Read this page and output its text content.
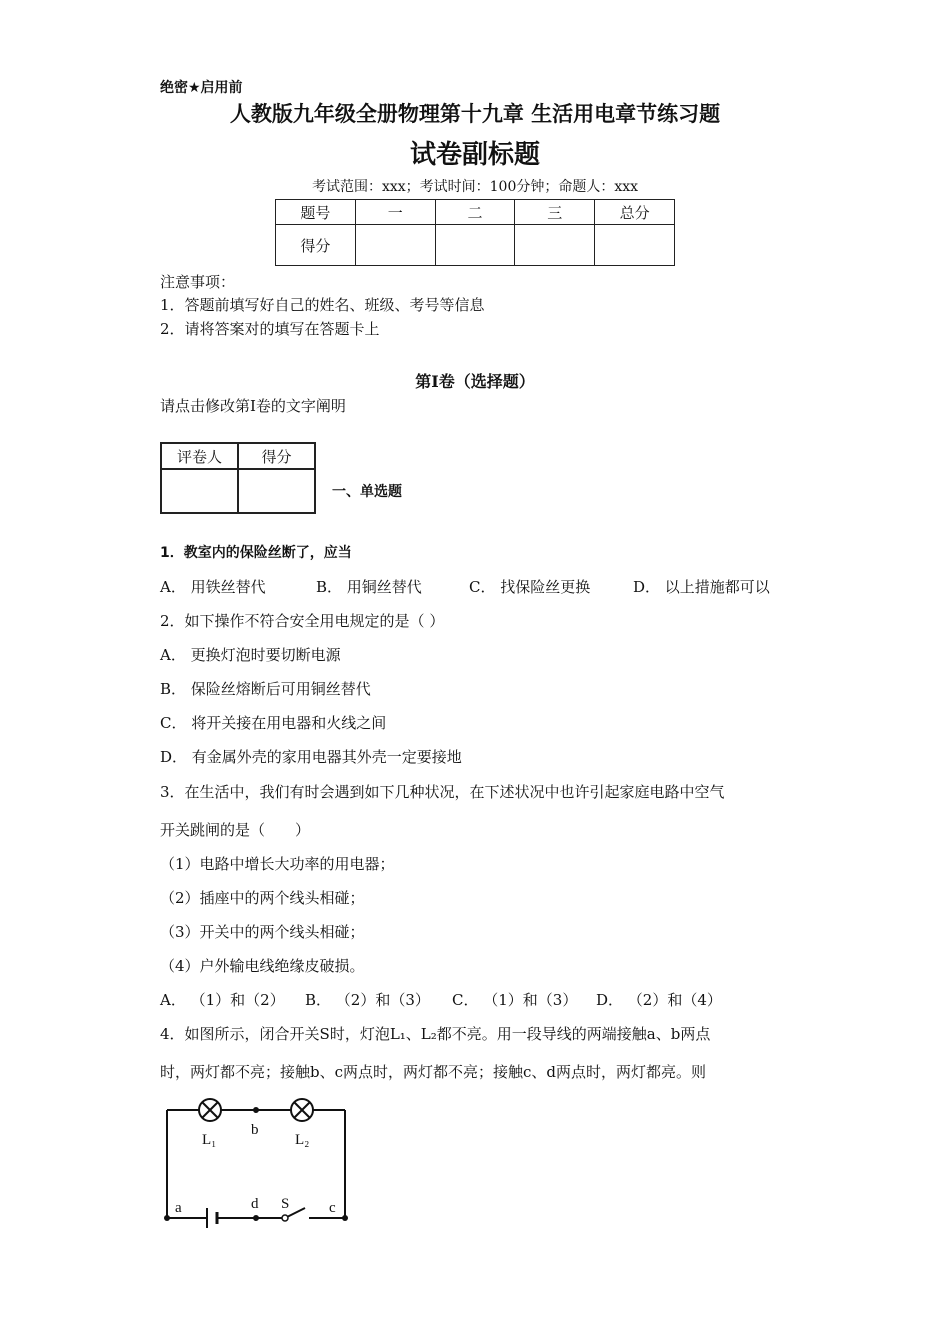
绝密★启用前
人教版九年级全册物理第十九章 生活用电章节练习题
试卷副标题
考试范围：xxx；考试时间：100分钟；命题人：xxx
题号	一	二	三	总分
得分				
注意事项：
1．答题前填写好自己的姓名、班级、考号等信息
2．请将答案对的填写在答题卡上
第Ⅰ卷（选择题）
请点击修改第Ⅰ卷的文字阐明
评卷人	得分

一、单选题
1．教室内的保险丝断了，应当
A． 用铁丝替代	B． 用铜丝替代	C． 找保险丝更换	D． 以上措施都可以
2．如下操作不符合安全用电规定的是（ ）
A． 更换灯泡时要切断电源
B． 保险丝熔断后可用铜丝替代
C． 将开关接在用电器和火线之间
D． 有金属外壳的家用电器其外壳一定要接地
3．在生活中，我们有时会遇到如下几种状况，在下述状况中也许引起家庭电路中空气
开关跳闸的是（　　）
（1）电路中增长大功率的用电器；
（2）插座中的两个线头相碰；
（3）开关中的两个线头相碰；
（4）户外输电线绝缘皮破损。
A． （1）和（2） B． （2）和（3） C． （1）和（3） D． （2）和（4）
4．如图所示，闭合开关S时，灯泡L₁、L₂都不亮。用一段导线的两端接触a、b两点
时，两灯都不亮；接触b、c两点时，两灯都不亮；接触c、d两点时，两灯都亮。则
L₁
b
L₂
a	d S	c
